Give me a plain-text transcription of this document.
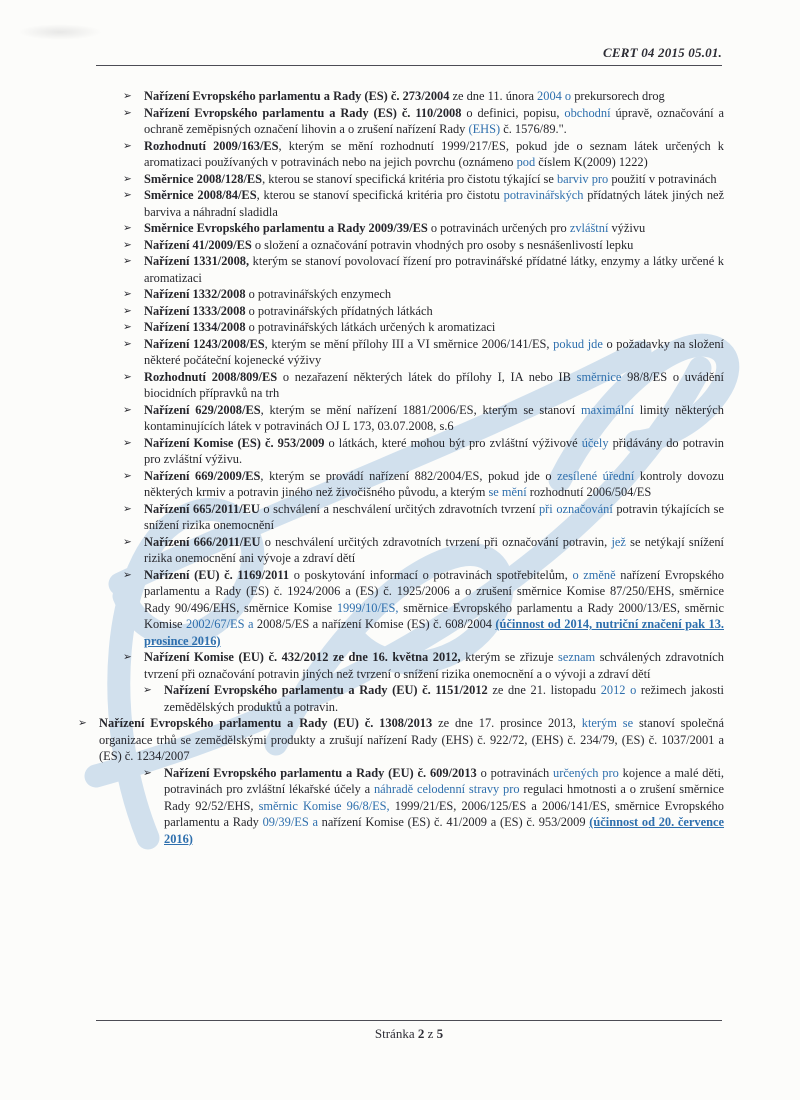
CERT 04 2015 05.01.
➢ Nařízení Evropského parlamentu a Rady (ES) č. 273/2004 ze dne 11. února 2004 o prekursorech drog
➢ Nařízení Evropského parlamentu a Rady (ES) č. 110/2008 o definici, popisu, obchodní úpravě, označování a ochraně zeměpisných označení lihovin a o zrušení nařízení Rady (EHS) č. 1576/89.".
➢ Rozhodnutí 2009/163/ES, kterým se mění rozhodnutí 1999/217/ES, pokud jde o seznam látek určených k aromatizaci používaných v potravinách nebo na jejich povrchu (oznámeno pod číslem K(2009) 1222)
➢ Směrnice 2008/128/ES, kterou se stanoví specifická kritéria pro čistotu týkající se barviv pro použití v potravinách
➢ Směrnice 2008/84/ES, kterou se stanoví specifická kritéria pro čistotu potravinářských přídatných látek jiných než barviva a náhradní sladidla
➢ Směrnice Evropského parlamentu a Rady 2009/39/ES o potravinách určených pro zvláštní výživu
➢ Nařízení 41/2009/ES o složení a označování potravin vhodných pro osoby s nesnášenlivostí lepku
➢ Nařízení 1331/2008, kterým se stanoví povolovací řízení pro potravinářské přídatné látky, enzymy a látky určené k aromatizaci
➢ Nařízení 1332/2008 o potravinářských enzymech
➢ Nařízení 1333/2008 o potravinářských přídatných látkách
➢ Nařízení 1334/2008 o potravinářských látkách určených k aromatizaci
➢ Nařízení 1243/2008/ES, kterým se mění přílohy III a VI směrnice 2006/141/ES, pokud jde o požadavky na složení některé počáteční kojenecké výživy
➢ Rozhodnutí 2008/809/ES o nezařazení některých látek do přílohy I, IA nebo IB směrnice 98/8/ES o uvádění biocidních přípravků na trh
➢ Nařízení 629/2008/ES, kterým se mění nařízení 1881/2006/ES, kterým se stanoví maximální limity některých kontaminujících látek v potravinách OJ L 173, 03.07.2008, s.6
➢ Nařízení Komise (ES) č. 953/2009 o látkách, které mohou být pro zvláštní výživové účely přidávány do potravin pro zvláštní výživu.
➢ Nařízení 669/2009/ES, kterým se provádí nařízení 882/2004/ES, pokud jde o zesílené úřední kontroly dovozu některých krmiv a potravin jiného než živočišného původu, a kterým se mění rozhodnutí 2006/504/ES
➢ Nařízení 665/2011/EU o schválení a neschválení určitých zdravotních tvrzení při označování potravin týkajících se snížení rizika onemocnění
➢ Nařízení 666/2011/EU o neschválení určitých zdravotních tvrzení při označování potravin, jež se netýkají snížení rizika onemocnění ani vývoje a zdraví dětí
➢ Nařízení (EU) č. 1169/2011 o poskytování informací o potravinách spotřebitelům, o změně nařízení Evropského parlamentu a Rady (ES) č. 1924/2006 a (ES) č. 1925/2006 a o zrušení směrnice Komise 87/250/EHS, směrnice Rady 90/496/EHS, směrnice Komise 1999/10/ES, směrnice Evropského parlamentu a Rady 2000/13/ES, směrnic Komise 2002/67/ES a 2008/5/ES a nařízení Komise (ES) č. 608/2004 (účinnost od 2014, nutriční značení pak 13. prosince 2016)
➢ Nařízení Komise (EU) č. 432/2012 ze dne 16. května 2012, kterým se zřizuje seznam schválených zdravotních tvrzení při označování potravin jiných než tvrzení o snížení rizika onemocnění a o vývoji a zdraví dětí
➢ Nařízení Evropského parlamentu a Rady (EU) č. 1151/2012 ze dne 21. listopadu 2012 o režimech jakosti zemědělských produktů a potravin.
➢ Nařízení Evropského parlamentu a Rady (EU) č. 1308/2013 ze dne 17. prosince 2013, kterým se stanoví společná organizace trhů se zemědělskými produkty a zrušují nařízení Rady (EHS) č. 922/72, (EHS) č. 234/79, (ES) č. 1037/2001 a (ES) č. 1234/2007
➢ Nařízení Evropského parlamentu a Rady (EU) č. 609/2013 o potravinách určených pro kojence a malé děti, potravinách pro zvláštní lékařské účely a náhradě celodenní stravy pro regulaci hmotnosti a o zrušení směrnice Rady 92/52/EHS, směrnic Komise 96/8/ES, 1999/21/ES, 2006/125/ES a 2006/141/ES, směrnice Evropského parlamentu a Rady 09/39/ES a nařízení Komise (ES) č. 41/2009 a (ES) č. 953/2009 (účinnost od 20. července 2016)
Stránka 2 z 5
